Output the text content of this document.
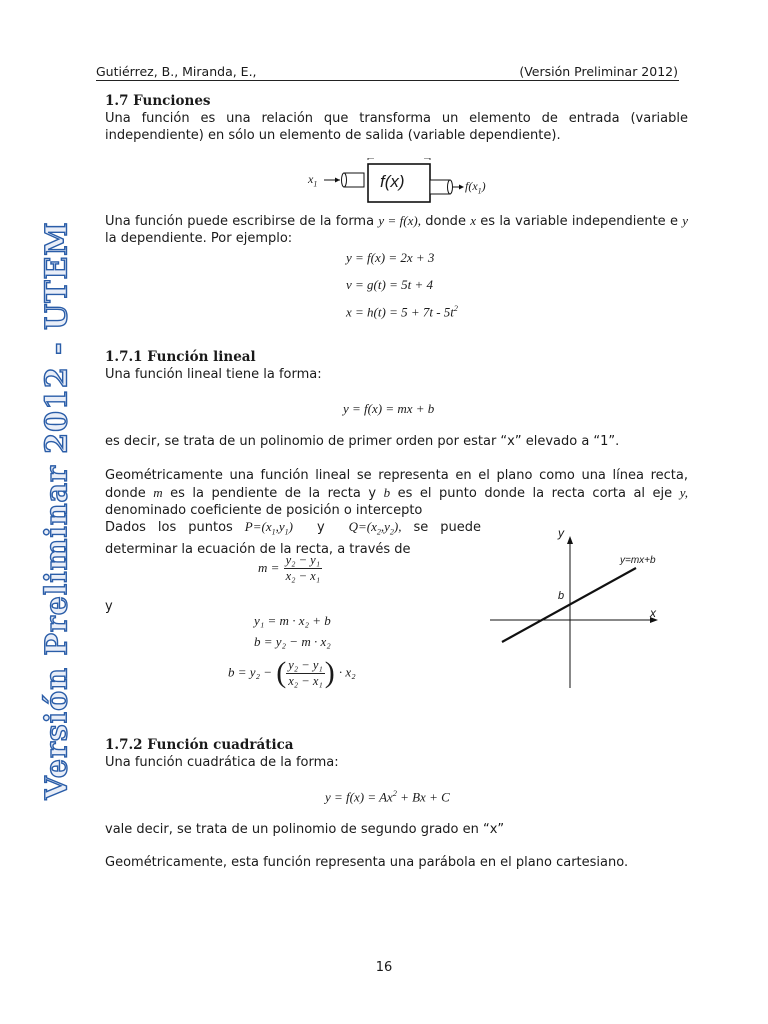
Gutiérrez, B., Miranda, E.,	(Versión Preliminar 2012)
Versión Preliminar 2012 - UTEM
1.7 Funciones
Una función es una relación que transforma un elemento de entrada (variable independiente) en sólo un elemento de salida (variable dependiente).
$x_1$	f(x)	$f(x_1)$
Una función puede escribirse de la forma y = f(x), donde x es la variable independiente e y la dependiente. Por ejemplo:
y = f(x) = 2x + 3
v = g(t) = 5t + 4
$x = h(t) = 5 + 7t - 5t^2$
1.7.1 Función lineal
Una función lineal tiene la forma:
y = f(x) = mx + b
es decir, se trata de un polinomio de primer orden por estar “x” elevado a “1”.
Geométricamente una función lineal se representa en el plano como una línea recta, donde m es la pendiente de la recta y b es el punto donde la recta corta al eje y, denominado coeficiente de posición o intercepto
Dados los puntos $P=(x_1,y_1)$  y  $Q=(x_2,y_2)$, se puede determinar la ecuación de la recta, a través de
$m = \frac{\text{y₂ − y₁}}{\text{x₂ − x₁}}$
y
y₁ = m · x₂ + b
b = y₂ − m · x₂
b = y₂ − ( $\frac{\text{y₂ − y₁}}{\text{x₂ − x₁}}$ ) · x₂
y
x
y=mx+b
b
1.7.2 Función cuadrática
Una función cuadrática de la forma:
$y = f(x) = Ax^2 + Bx + C$
vale decir, se trata de un polinomio de segundo grado en “x”
Geométricamente, esta función representa una parábola en el plano cartesiano.
16
